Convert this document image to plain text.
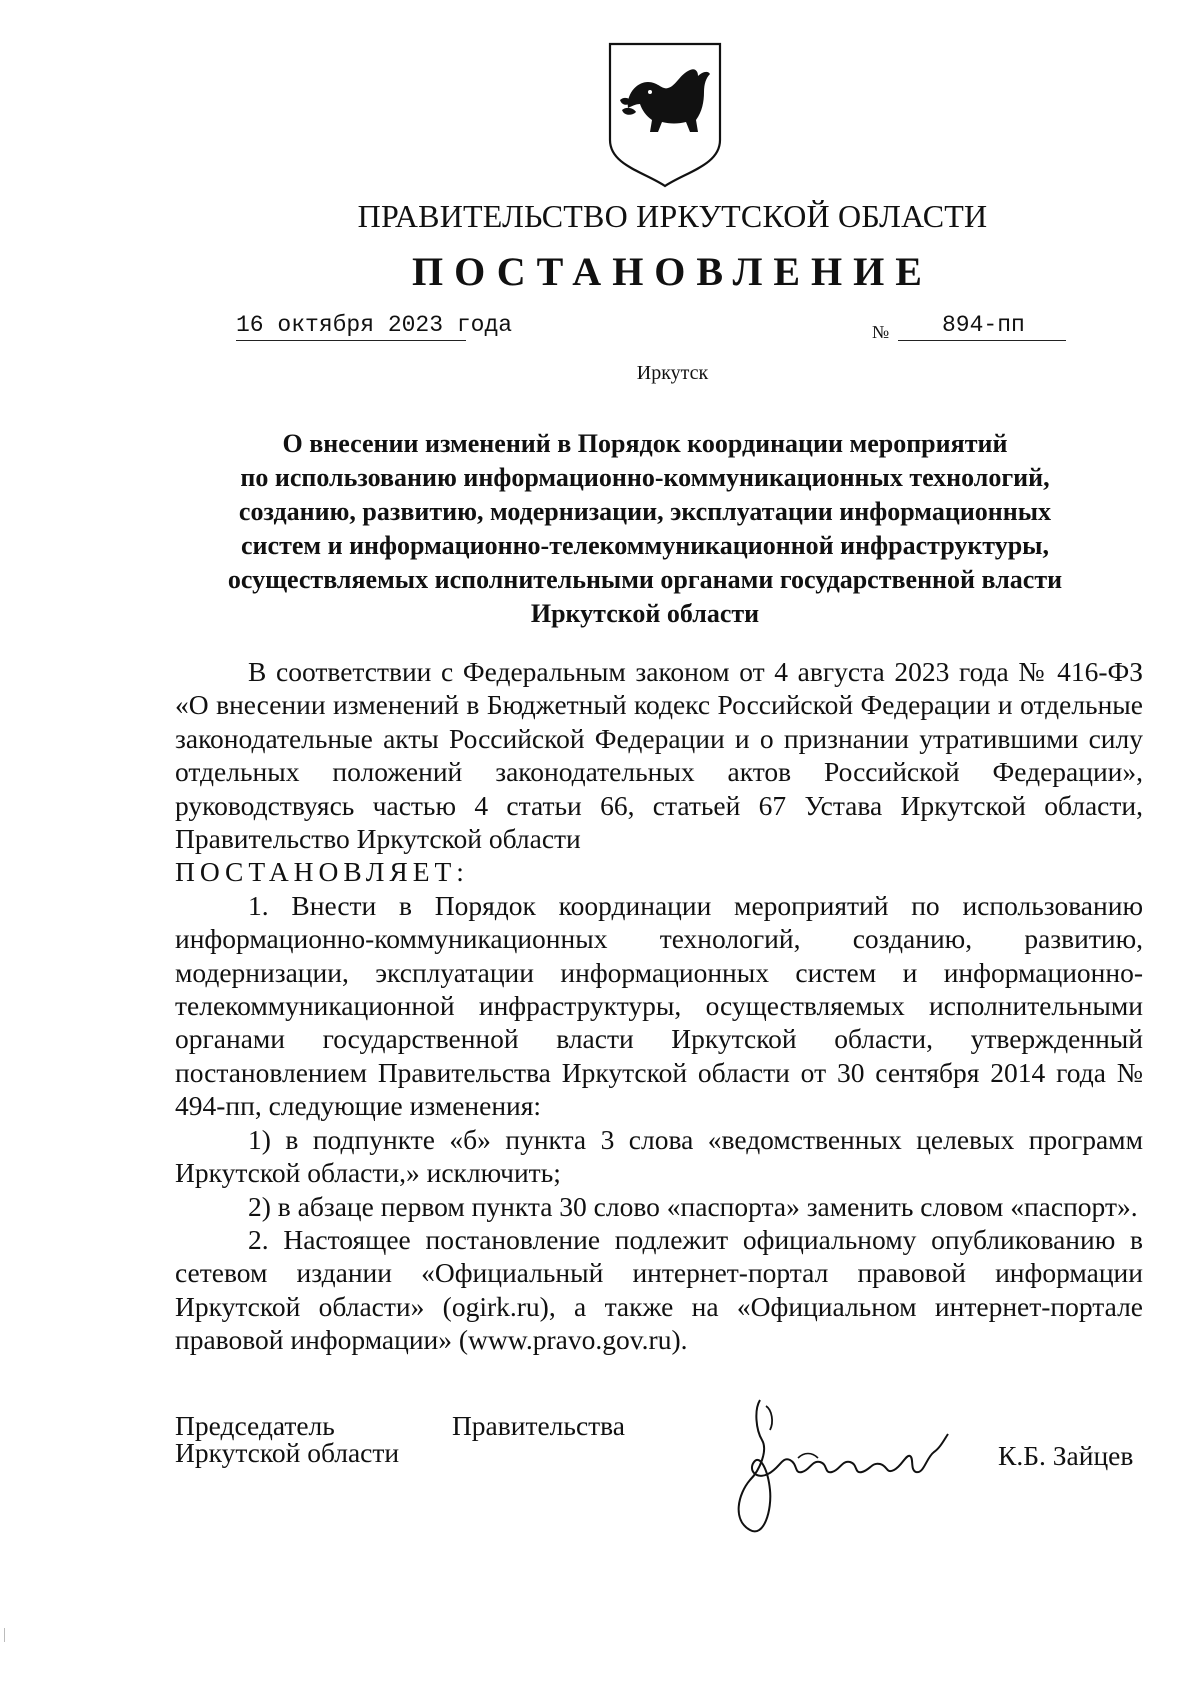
ПРАВИТЕЛЬСТВО ИРКУТСКОЙ ОБЛАСТИ
ПОСТАНОВЛЕНИЕ
16 октября 2023 года	№	894-пп
Иркутск
О внесении изменений в Порядок координации мероприятий
по использованию информационно-коммуникационных технологий,
созданию, развитию, модернизации, эксплуатации информационных
систем и информационно-телекоммуникационной инфраструктуры,
осуществляемых исполнительными органами государственной власти
Иркутской области

В соответствии с Федеральным законом от 4 августа 2023 года № 416-ФЗ «О внесении изменений в Бюджетный кодекс Российской Федерации и отдельные законодательные акты Российской Федерации и о признании утратившими силу отдельных положений законодательных актов Российской Федерации», руководствуясь частью 4 статьи 66, статьей 67 Устава Иркутской области, Правительство Иркутской области

ПОСТАНОВЛЯЕТ:

1. Внести в Порядок координации мероприятий по использованию информационно-коммуникационных технологий, созданию, развитию, модернизации, эксплуатации информационных систем и информационно-телекоммуникационной инфраструктуры, осуществляемых исполнительными органами государственной власти Иркутской области, утвержденный постановлением Правительства Иркутской области от 30 сентября 2014 года № 494-пп, следующие изменения:

1) в подпункте «б» пункта 3 слова «ведомственных целевых программ Иркутской области,» исключить;

2) в абзаце первом пункта 30 слово «паспорта» заменить словом «паспорт».

2. Настоящее постановление подлежит официальному опубликованию в сетевом издании «Официальный интернет-портал правовой информации Иркутской области» (ogirk.ru), а также на «Официальном интернет-портале правовой информации» (www.pravo.gov.ru).

Председатель	Правительства
Иркутской области	К.Б. Зайцев
